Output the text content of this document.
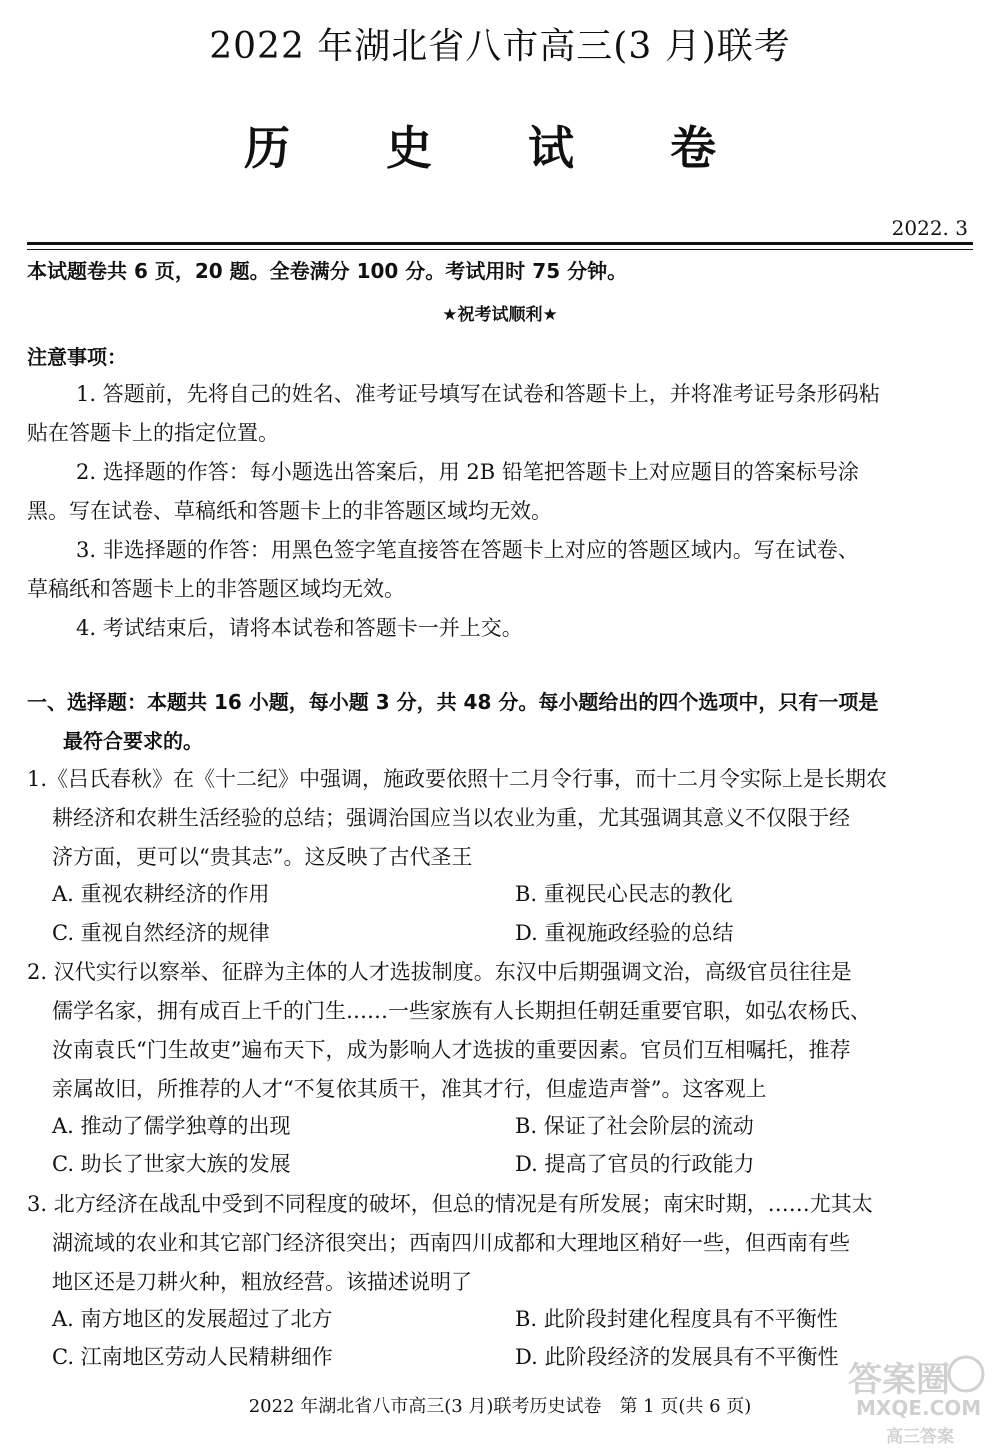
2022 年湖北省八市高三(3 月)联考
历 史 试 卷
2022. 3
本试题卷共 6 页，20 题。全卷满分 100 分。考试用时 75 分钟。
★祝考试顺利★
注意事项：
1. 答题前，先将自己的姓名、准考证号填写在试卷和答题卡上，并将准考证号条形码粘
贴在答题卡上的指定位置。
2. 选择题的作答：每小题选出答案后，用 2B 铅笔把答题卡上对应题目的答案标号涂
黑。写在试卷、草稿纸和答题卡上的非答题区域均无效。
3. 非选择题的作答：用黑色签字笔直接答在答题卡上对应的答题区域内。写在试卷、
草稿纸和答题卡上的非答题区域均无效。
4. 考试结束后，请将本试卷和答题卡一并上交。
一、选择题：本题共 16 小题，每小题 3 分，共 48 分。每小题给出的四个选项中，只有一项是
最符合要求的。
1.《吕氏春秋》在《十二纪》中强调，施政要依照十二月令行事，而十二月令实际上是长期农
耕经济和农耕生活经验的总结；强调治国应当以农业为重，尤其强调其意义不仅限于经
济方面，更可以“贵其志”。这反映了古代圣王
A. 重视农耕经济的作用	B. 重视民心民志的教化
C. 重视自然经济的规律	D. 重视施政经验的总结
2. 汉代实行以察举、征辟为主体的人才选拔制度。东汉中后期强调文治，高级官员往往是
儒学名家，拥有成百上千的门生……一些家族有人长期担任朝廷重要官职，如弘农杨氏、
汝南袁氏“门生故吏”遍布天下，成为影响人才选拔的重要因素。官员们互相嘱托，推荐
亲属故旧，所推荐的人才“不复依其质干，准其才行，但虚造声誉”。这客观上
A. 推动了儒学独尊的出现	B. 保证了社会阶层的流动
C. 助长了世家大族的发展	D. 提高了官员的行政能力
3. 北方经济在战乱中受到不同程度的破坏，但总的情况是有所发展；南宋时期，……尤其太
湖流域的农业和其它部门经济很突出；西南四川成都和大理地区稍好一些，但西南有些
地区还是刀耕火种，粗放经营。该描述说明了
A. 南方地区的发展超过了北方	B. 此阶段封建化程度具有不平衡性
C. 江南地区劳动人民精耕细作	D. 此阶段经济的发展具有不平衡性
2022 年湖北省八市高三(3 月)联考历史试卷　第 1 页(共 6 页)
答案圈
MXQE.COM
高三答案
